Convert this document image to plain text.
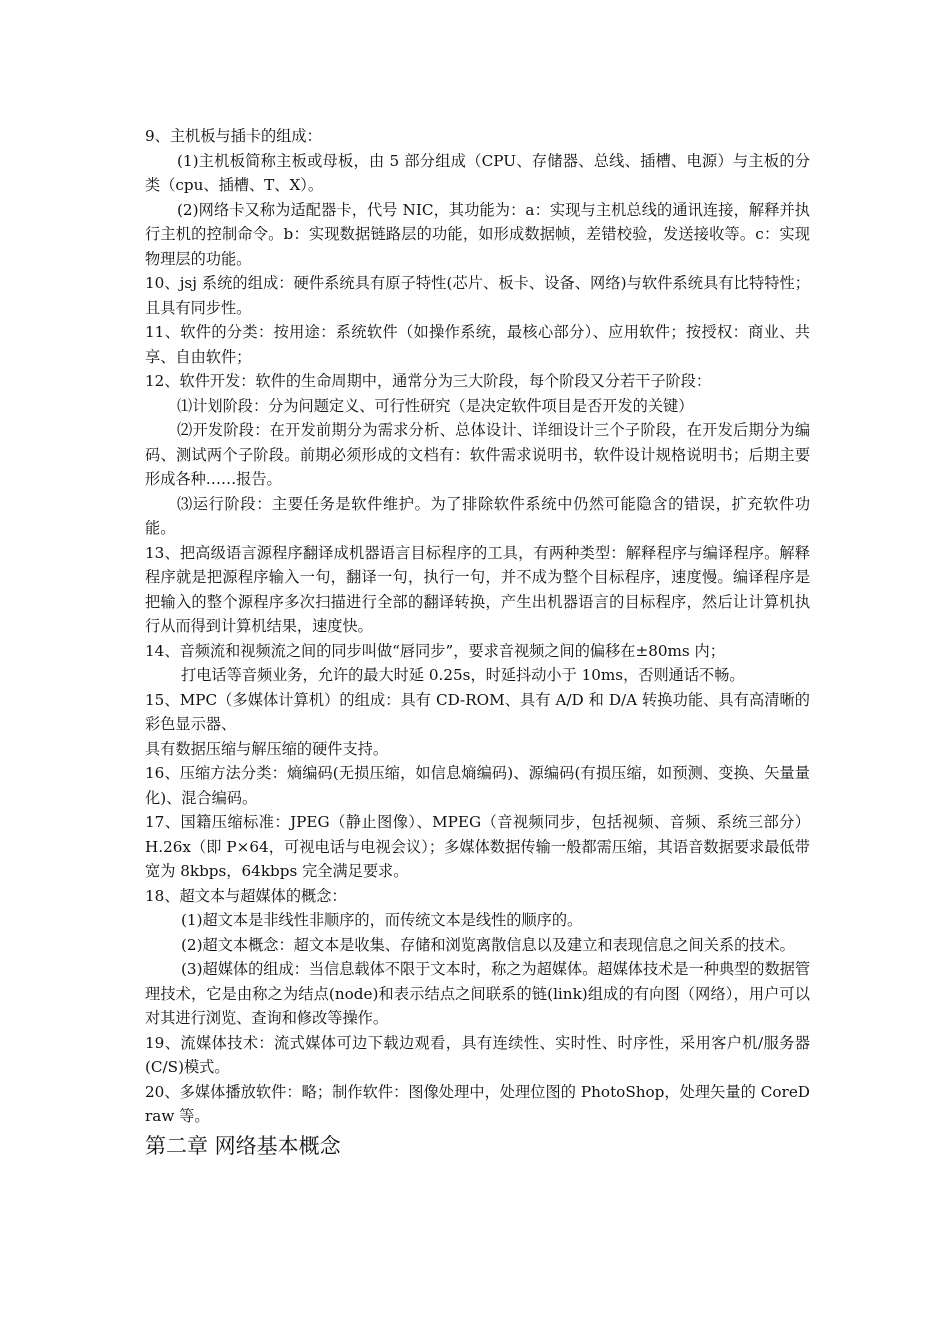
9、主机板与插卡的组成：

(1)主机板简称主板或母板，由 5 部分组成（CPU、存储器、总线、插槽、电源）与主板的分类（cpu、插槽、T、X）。

(2)网络卡又称为适配器卡，代号 NIC，其功能为：a：实现与主机总线的通讯连接，解释并执行主机的控制命令。b：实现数据链路层的功能，如形成数据帧，差错校验，发送接收等。c：实现物理层的功能。

10、jsj 系统的组成：硬件系统具有原子特性(芯片、板卡、设备、网络)与软件系统具有比特特性；且具有同步性。

11、软件的分类：按用途：系统软件（如操作系统，最核心部分）、应用软件；按授权：商业、共享、自由软件；

12、软件开发：软件的生命周期中，通常分为三大阶段，每个阶段又分若干子阶段：

⑴计划阶段：分为问题定义、可行性研究（是决定软件项目是否开发的关键）

⑵开发阶段：在开发前期分为需求分析、总体设计、详细设计三个子阶段，在开发后期分为编码、测试两个子阶段。前期必须形成的文档有：软件需求说明书，软件设计规格说明书；后期主要形成各种……报告。

⑶运行阶段：主要任务是软件维护。为了排除软件系统中仍然可能隐含的错误，扩充软件功能。

13、把高级语言源程序翻译成机器语言目标程序的工具，有两种类型：解释程序与编译程序。解释程序就是把源程序输入一句，翻译一句，执行一句，并不成为整个目标程序，速度慢。编译程序是把输入的整个源程序多次扫描进行全部的翻译转换，产生出机器语言的目标程序，然后让计算机执行从而得到计算机结果，速度快。

14、音频流和视频流之间的同步叫做“唇同步”，要求音视频之间的偏移在±80ms 内；

打电话等音频业务，允许的最大时延 0.25s，时延抖动小于 10ms，否则通话不畅。

15、MPC（多媒体计算机）的组成：具有 CD-ROM、具有 A/D 和 D/A 转换功能、具有高清晰的彩色显示器、

具有数据压缩与解压缩的硬件支持。

16、压缩方法分类：熵编码(无损压缩，如信息熵编码)、源编码(有损压缩，如预测、变换、矢量量化)、混合编码。

17、国籍压缩标准：JPEG（静止图像）、MPEG（音视频同步，包括视频、音频、系统三部分）H.26x（即 P×64，可视电话与电视会议）；多媒体数据传输一般都需压缩，其语音数据要求最低带宽为 8kbps，64kbps 完全满足要求。

18、超文本与超媒体的概念：

(1)超文本是非线性非顺序的，而传统文本是线性的顺序的。

(2)超文本概念：超文本是收集、存储和浏览离散信息以及建立和表现信息之间关系的技术。

(3)超媒体的组成：当信息载体不限于文本时，称之为超媒体。超媒体技术是一种典型的数据管理技术，它是由称之为结点(node)和表示结点之间联系的链(link)组成的有向图（网络），用户可以对其进行浏览、查询和修改等操作。

19、流媒体技术：流式媒体可边下载边观看，具有连续性、实时性、时序性，采用客户机/服务器(C/S)模式。

20、多媒体播放软件：略；制作软件：图像处理中，处理位图的 PhotoShop，处理矢量的 CoreDraw 等。

第二章 网络基本概念
